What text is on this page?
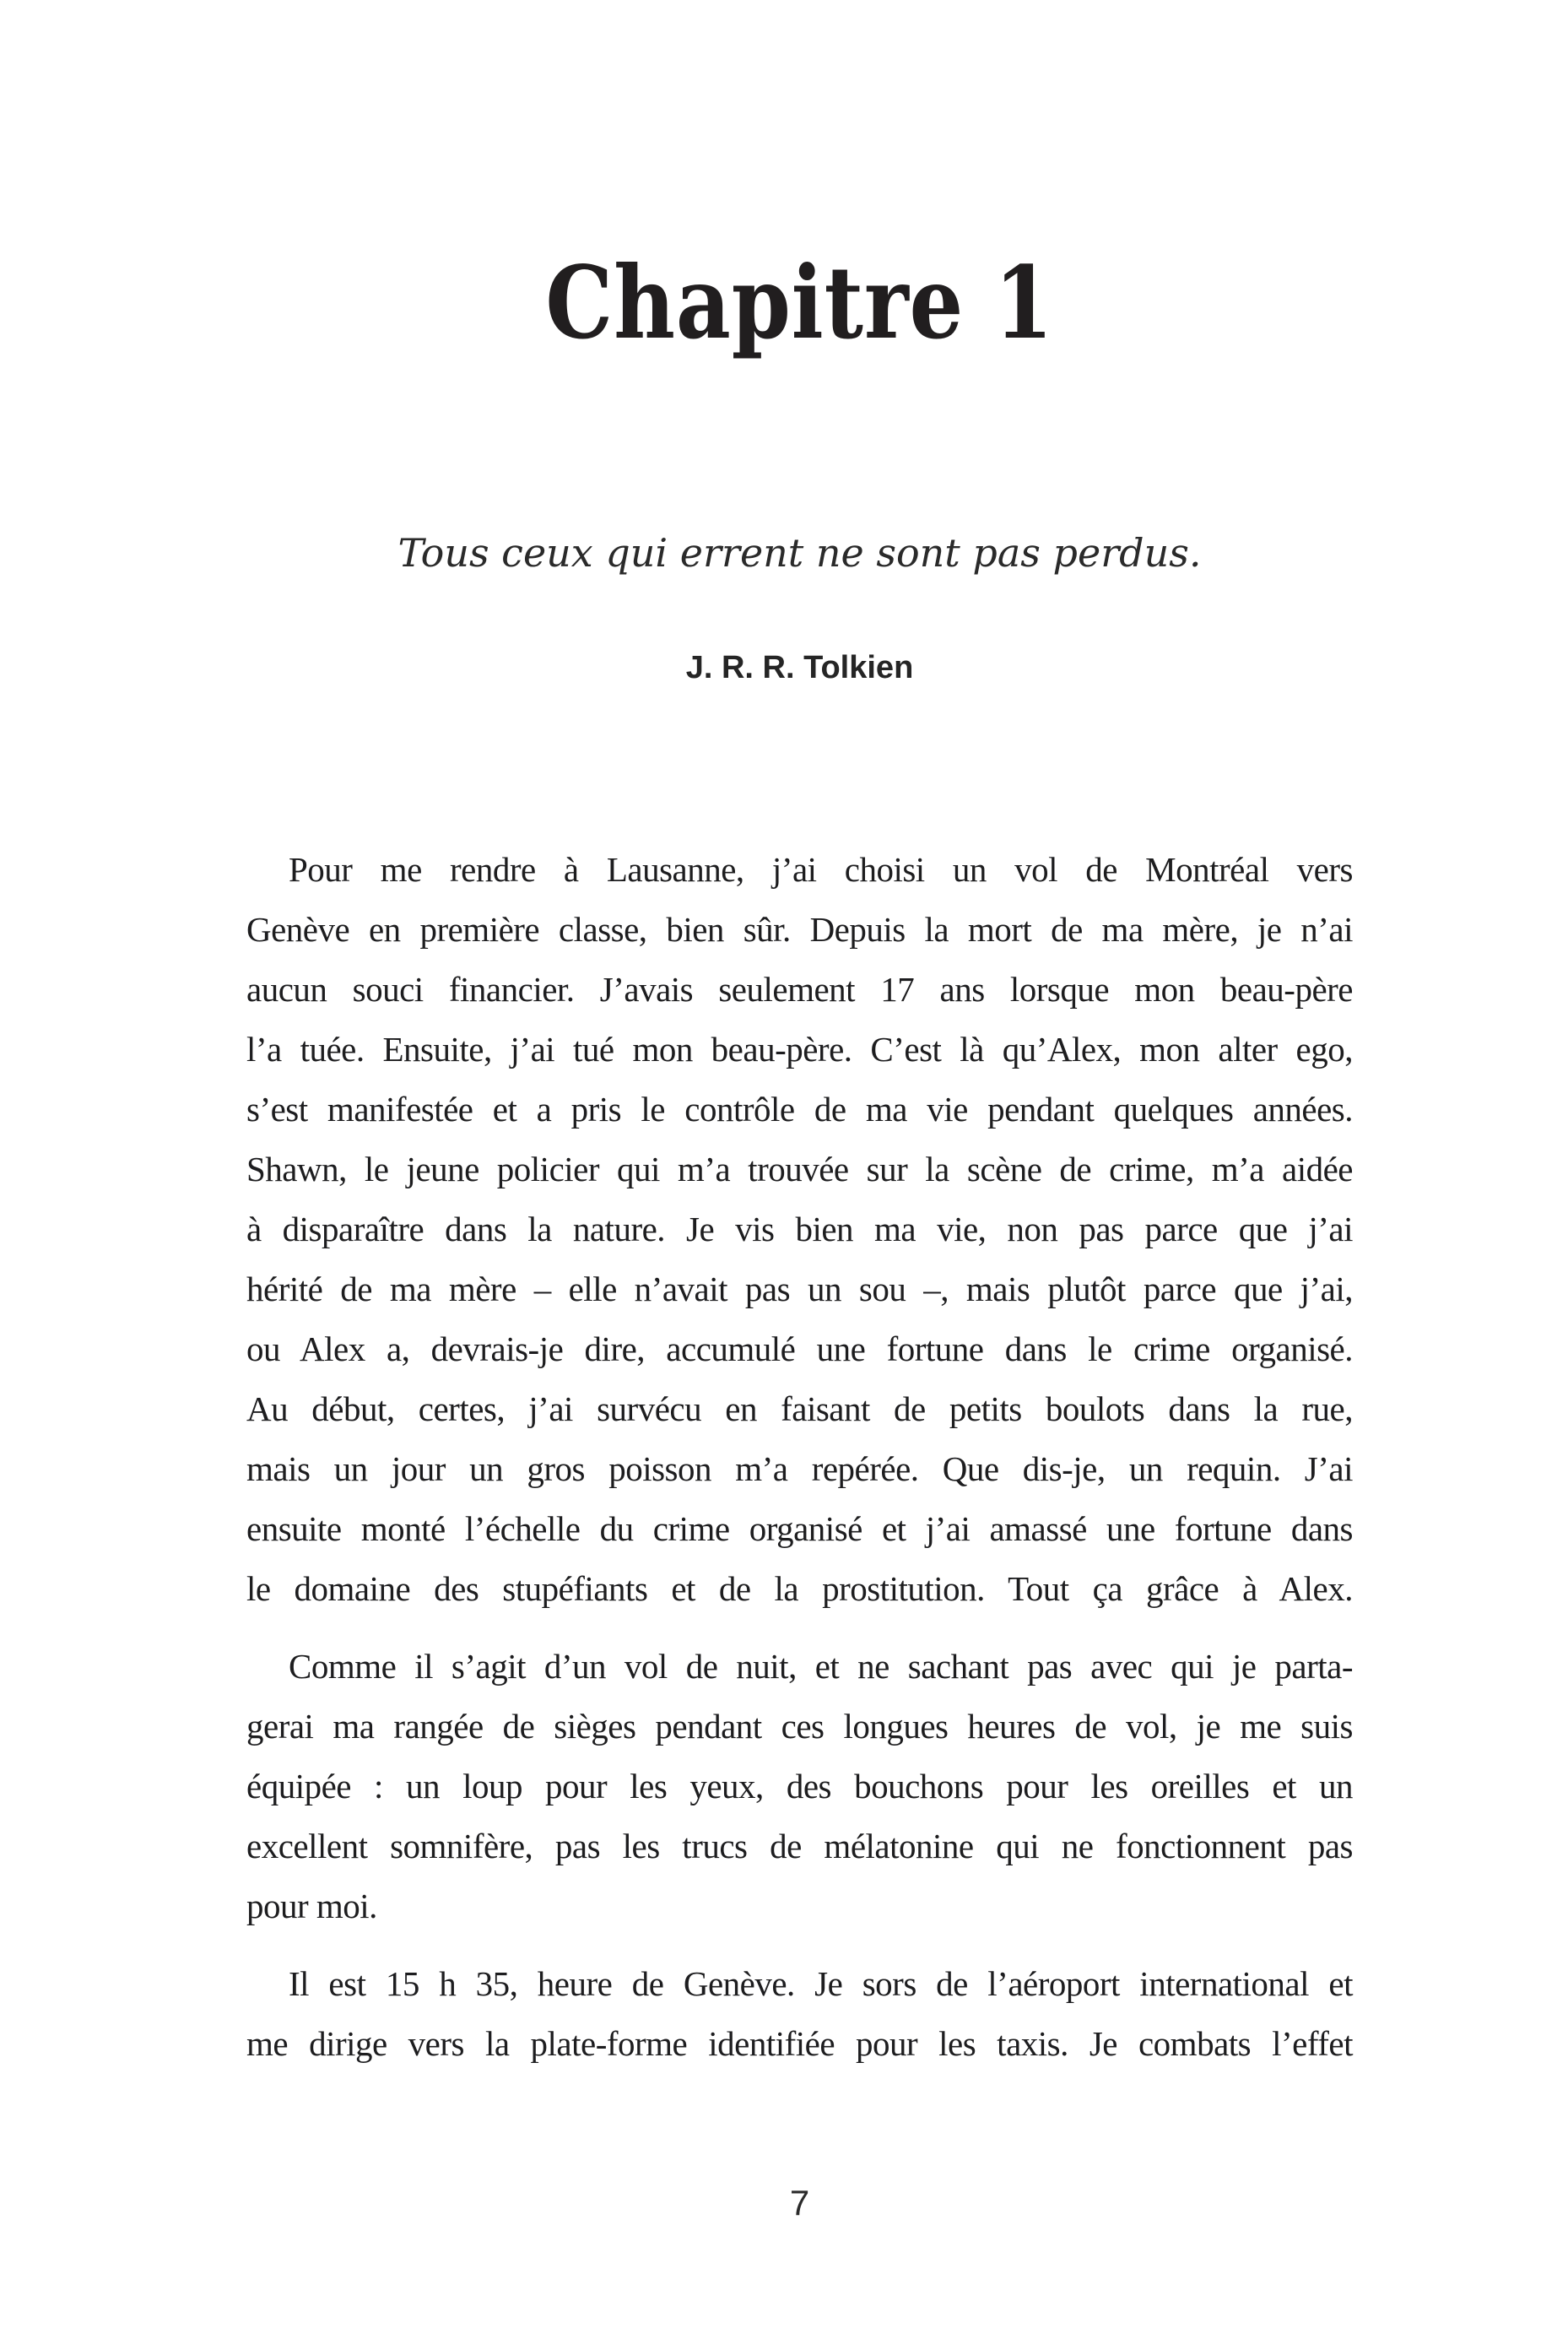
Chapitre 1
Tous ceux qui errent ne sont pas perdus.
J. R. R. Tolkien
Pour me rendre à Lausanne, j’ai choisi un vol de Montréal vers
Genève en première classe, bien sûr. Depuis la mort de ma mère, je n’ai
aucun souci financier. J’avais seulement 17 ans lorsque mon beau-père
l’a tuée. Ensuite, j’ai tué mon beau-père. C’est là qu’Alex, mon alter ego,
s’est manifestée et a pris le contrôle de ma vie pendant quelques années.
Shawn, le jeune policier qui m’a trouvée sur la scène de crime, m’a aidée
à disparaître dans la nature. Je vis bien ma vie, non pas parce que j’ai
hérité de ma mère – elle n’avait pas un sou –, mais plutôt parce que j’ai,
ou Alex a, devrais-je dire, accumulé une fortune dans le crime organisé.
Au début, certes, j’ai survécu en faisant de petits boulots dans la rue,
mais un jour un gros poisson m’a repérée. Que dis-je, un requin. J’ai
ensuite monté l’échelle du crime organisé et j’ai amassé une fortune dans
le domaine des stupéfiants et de la prostitution. Tout ça grâce à Alex.
Comme il s’agit d’un vol de nuit, et ne sachant pas avec qui je parta-
gerai ma rangée de sièges pendant ces longues heures de vol, je me suis
équipée : un loup pour les yeux, des bouchons pour les oreilles et un
excellent somnifère, pas les trucs de mélatonine qui ne fonctionnent pas
pour moi.
Il est 15 h 35, heure de Genève. Je sors de l’aéroport international et
me dirige vers la plate-forme identifiée pour les taxis. Je combats l’effet
7
